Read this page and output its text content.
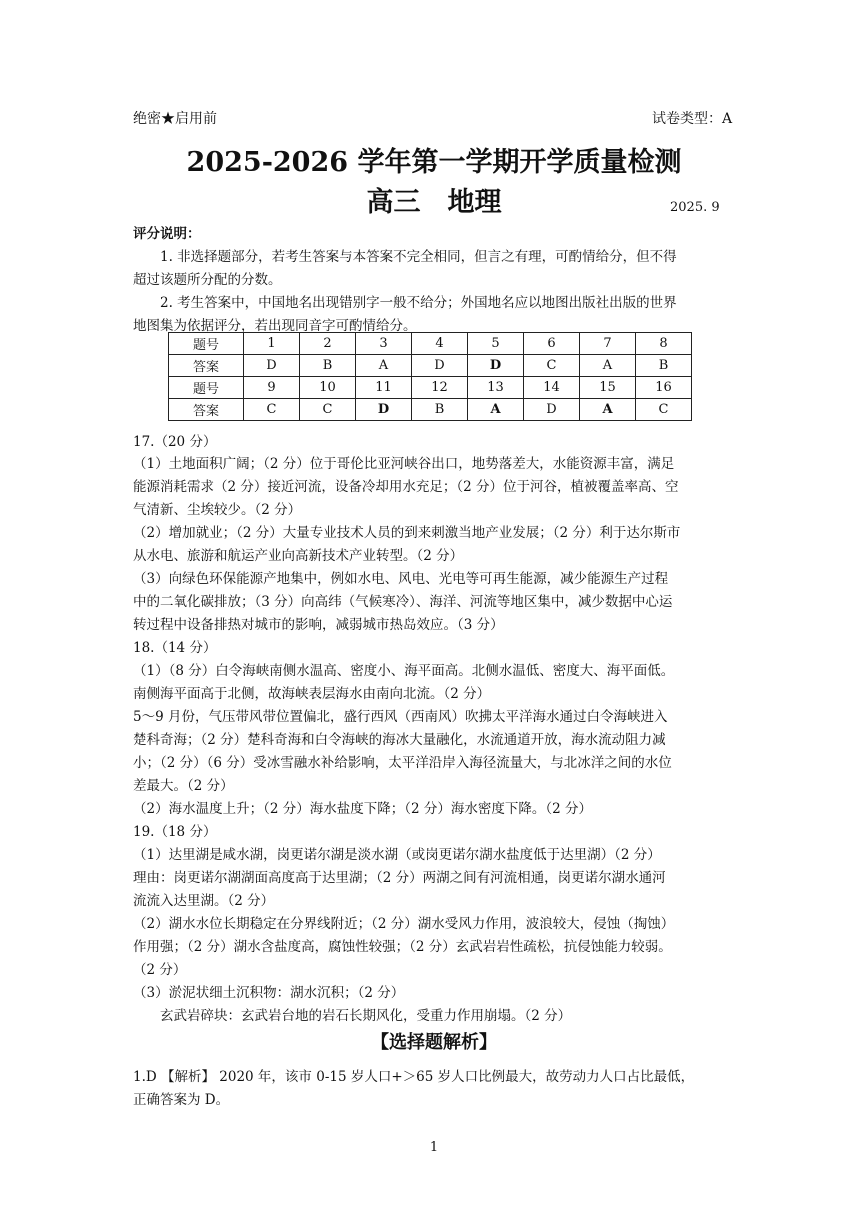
绝密★启用前	试卷类型：A
2025-2026 学年第一学期开学质量检测
高三　地理	2025. 9
评分说明：
1. 非选择题部分，若考生答案与本答案不完全相同，但言之有理，可酌情给分，但不得
超过该题所分配的分数。
2. 考生答案中，中国地名出现错别字一般不给分；外国地名应以地图出版社出版的世界
地图集为依据评分，若出现同音字可酌情给分。
题号	1	2	3	4	5	6	7	8
答案	D	B	A	D	D	C	A	B
题号	9	10	11	12	13	14	15	16
答案	C	C	D	B	A	D	A	C
17.（20 分）
（1）土地面积广阔；（2 分）位于哥伦比亚河峡谷出口，地势落差大，水能资源丰富，满足
能源消耗需求（2 分）接近河流，设备冷却用水充足；（2 分）位于河谷，植被覆盖率高、空
气清新、尘埃较少。（2 分）
（2）增加就业；（2 分）大量专业技术人员的到来刺激当地产业发展；（2 分）利于达尔斯市
从水电、旅游和航运产业向高新技术产业转型。（2 分）
（3）向绿色环保能源产地集中，例如水电、风电、光电等可再生能源，减少能源生产过程
中的二氧化碳排放；（3 分）向高纬（气候寒冷）、海洋、河流等地区集中，减少数据中心运
转过程中设备排热对城市的影响，减弱城市热岛效应。（3 分）
18.（14 分）
（1）（8 分）白令海峡南侧水温高、密度小、海平面高。北侧水温低、密度大、海平面低。
南侧海平面高于北侧，故海峡表层海水由南向北流。（2 分）
5～9 月份，气压带风带位置偏北，盛行西风（西南风）吹拂太平洋海水通过白令海峡进入
楚科奇海；（2 分）楚科奇海和白令海峡的海冰大量融化，水流通道开放，海水流动阻力减
小；（2 分）（6 分）受冰雪融水补给影响，太平洋沿岸入海径流量大，与北冰洋之间的水位
差最大。（2 分）
（2）海水温度上升；（2 分）海水盐度下降；（2 分）海水密度下降。（2 分）
19.（18 分）
（1）达里湖是咸水湖，岗更诺尔湖是淡水湖（或岗更诺尔湖水盐度低于达里湖）（2 分）
理由：岗更诺尔湖湖面高度高于达里湖；（2 分）两湖之间有河流相通，岗更诺尔湖水通河
流流入达里湖。（2 分）
（2）湖水水位长期稳定在分界线附近；（2 分）湖水受风力作用，波浪较大，侵蚀（掏蚀）
作用强；（2 分）湖水含盐度高，腐蚀性较强；（2 分）玄武岩岩性疏松，抗侵蚀能力较弱。
（2 分）
（3）淤泥状细土沉积物：湖水沉积；（2 分）
玄武岩碎块：玄武岩台地的岩石长期风化，受重力作用崩塌。（2 分）
【选择题解析】
1.D 【解析】 2020 年，该市 0-15 岁人口+＞65 岁人口比例最大，故劳动力人口占比最低，
正确答案为 D。
1
